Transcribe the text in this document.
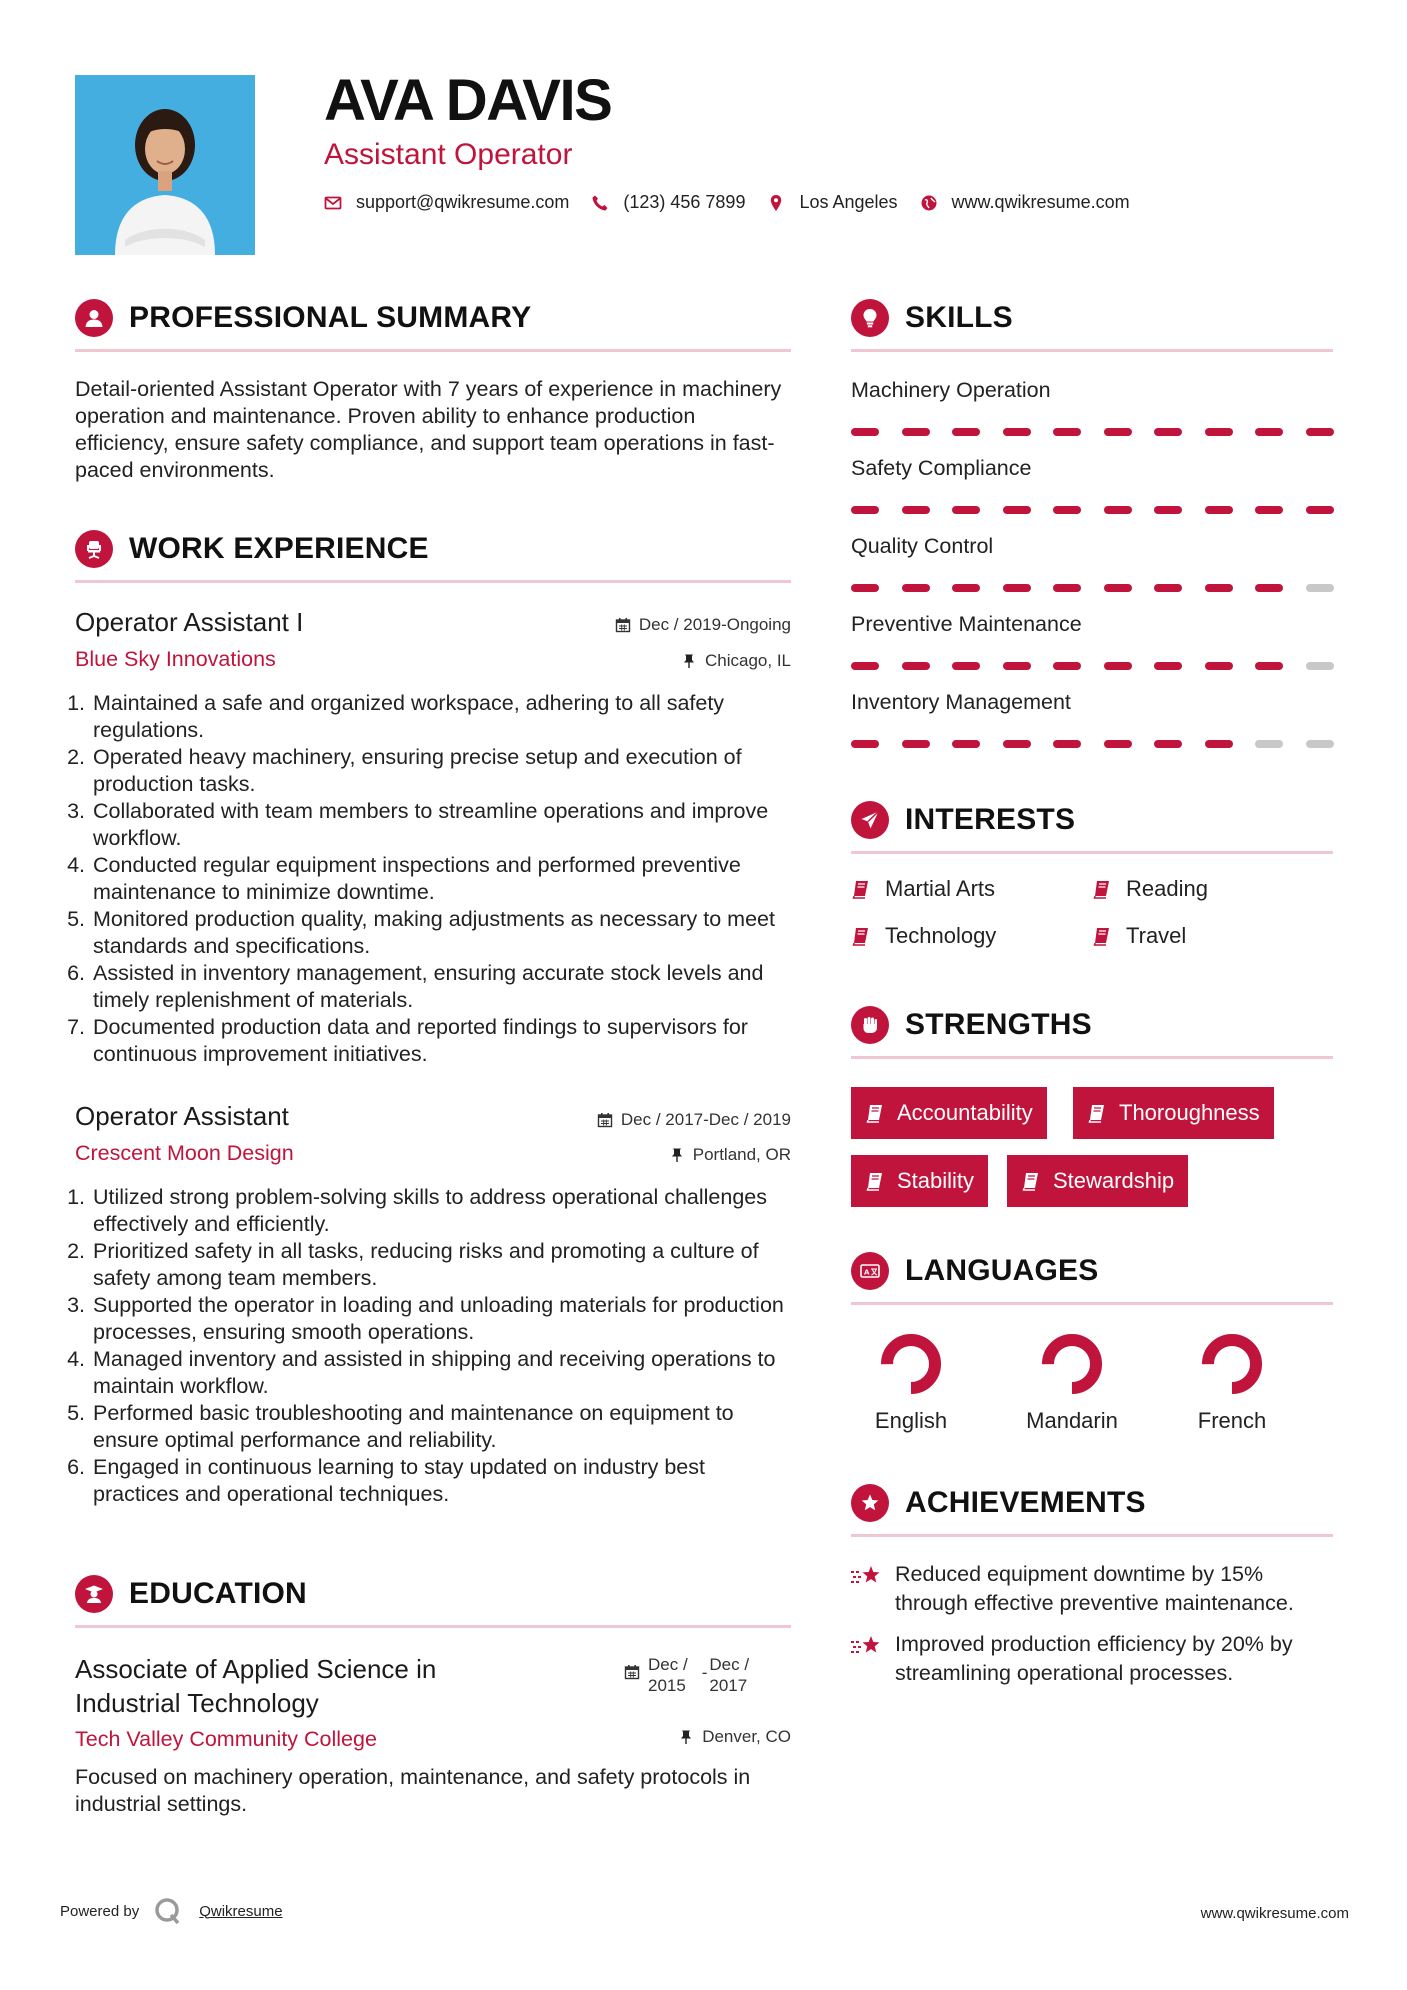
AVA DAVIS
Assistant Operator
support@qwikresume.com	(123) 456 7899	Los Angeles	www.qwikresume.com
PROFESSIONAL SUMMARY
Detail-oriented Assistant Operator with 7 years of experience in machinery operation and maintenance. Proven ability to enhance production efficiency, ensure safety compliance, and support team operations in fast-paced environments.
WORK EXPERIENCE
Operator Assistant I	Dec / 2019-Ongoing
Blue Sky Innovations	Chicago, IL
1. Maintained a safe and organized workspace, adhering to all safety regulations.
2. Operated heavy machinery, ensuring precise setup and execution of production tasks.
3. Collaborated with team members to streamline operations and improve workflow.
4. Conducted regular equipment inspections and performed preventive maintenance to minimize downtime.
5. Monitored production quality, making adjustments as necessary to meet standards and specifications.
6. Assisted in inventory management, ensuring accurate stock levels and timely replenishment of materials.
7. Documented production data and reported findings to supervisors for continuous improvement initiatives.
Operator Assistant	Dec / 2017-Dec / 2019
Crescent Moon Design	Portland, OR
1. Utilized strong problem-solving skills to address operational challenges effectively and efficiently.
2. Prioritized safety in all tasks, reducing risks and promoting a culture of safety among team members.
3. Supported the operator in loading and unloading materials for production processes, ensuring smooth operations.
4. Managed inventory and assisted in shipping and receiving operations to maintain workflow.
5. Performed basic troubleshooting and maintenance on equipment to ensure optimal performance and reliability.
6. Engaged in continuous learning to stay updated on industry best practices and operational techniques.
EDUCATION
Associate of Applied Science in
Industrial Technology
Dec /
2015
- Dec /
2017
Tech Valley Community College	Denver, CO
Focused on machinery operation, maintenance, and safety protocols in industrial settings.
SKILLS
Machinery Operation
Safety Compliance
Quality Control
Preventive Maintenance
Inventory Management
INTERESTS
Martial Arts	Reading
Technology	Travel
STRENGTHS
Accountability	Thoroughness
Stability	Stewardship
A LANGUAGES
English	Mandarin	French
ACHIEVEMENTS
Reduced equipment downtime by 15% through effective preventive maintenance.
Improved production efficiency by 20% by streamlining operational processes.
Powered by	Qwikresume	www.qwikresume.com
